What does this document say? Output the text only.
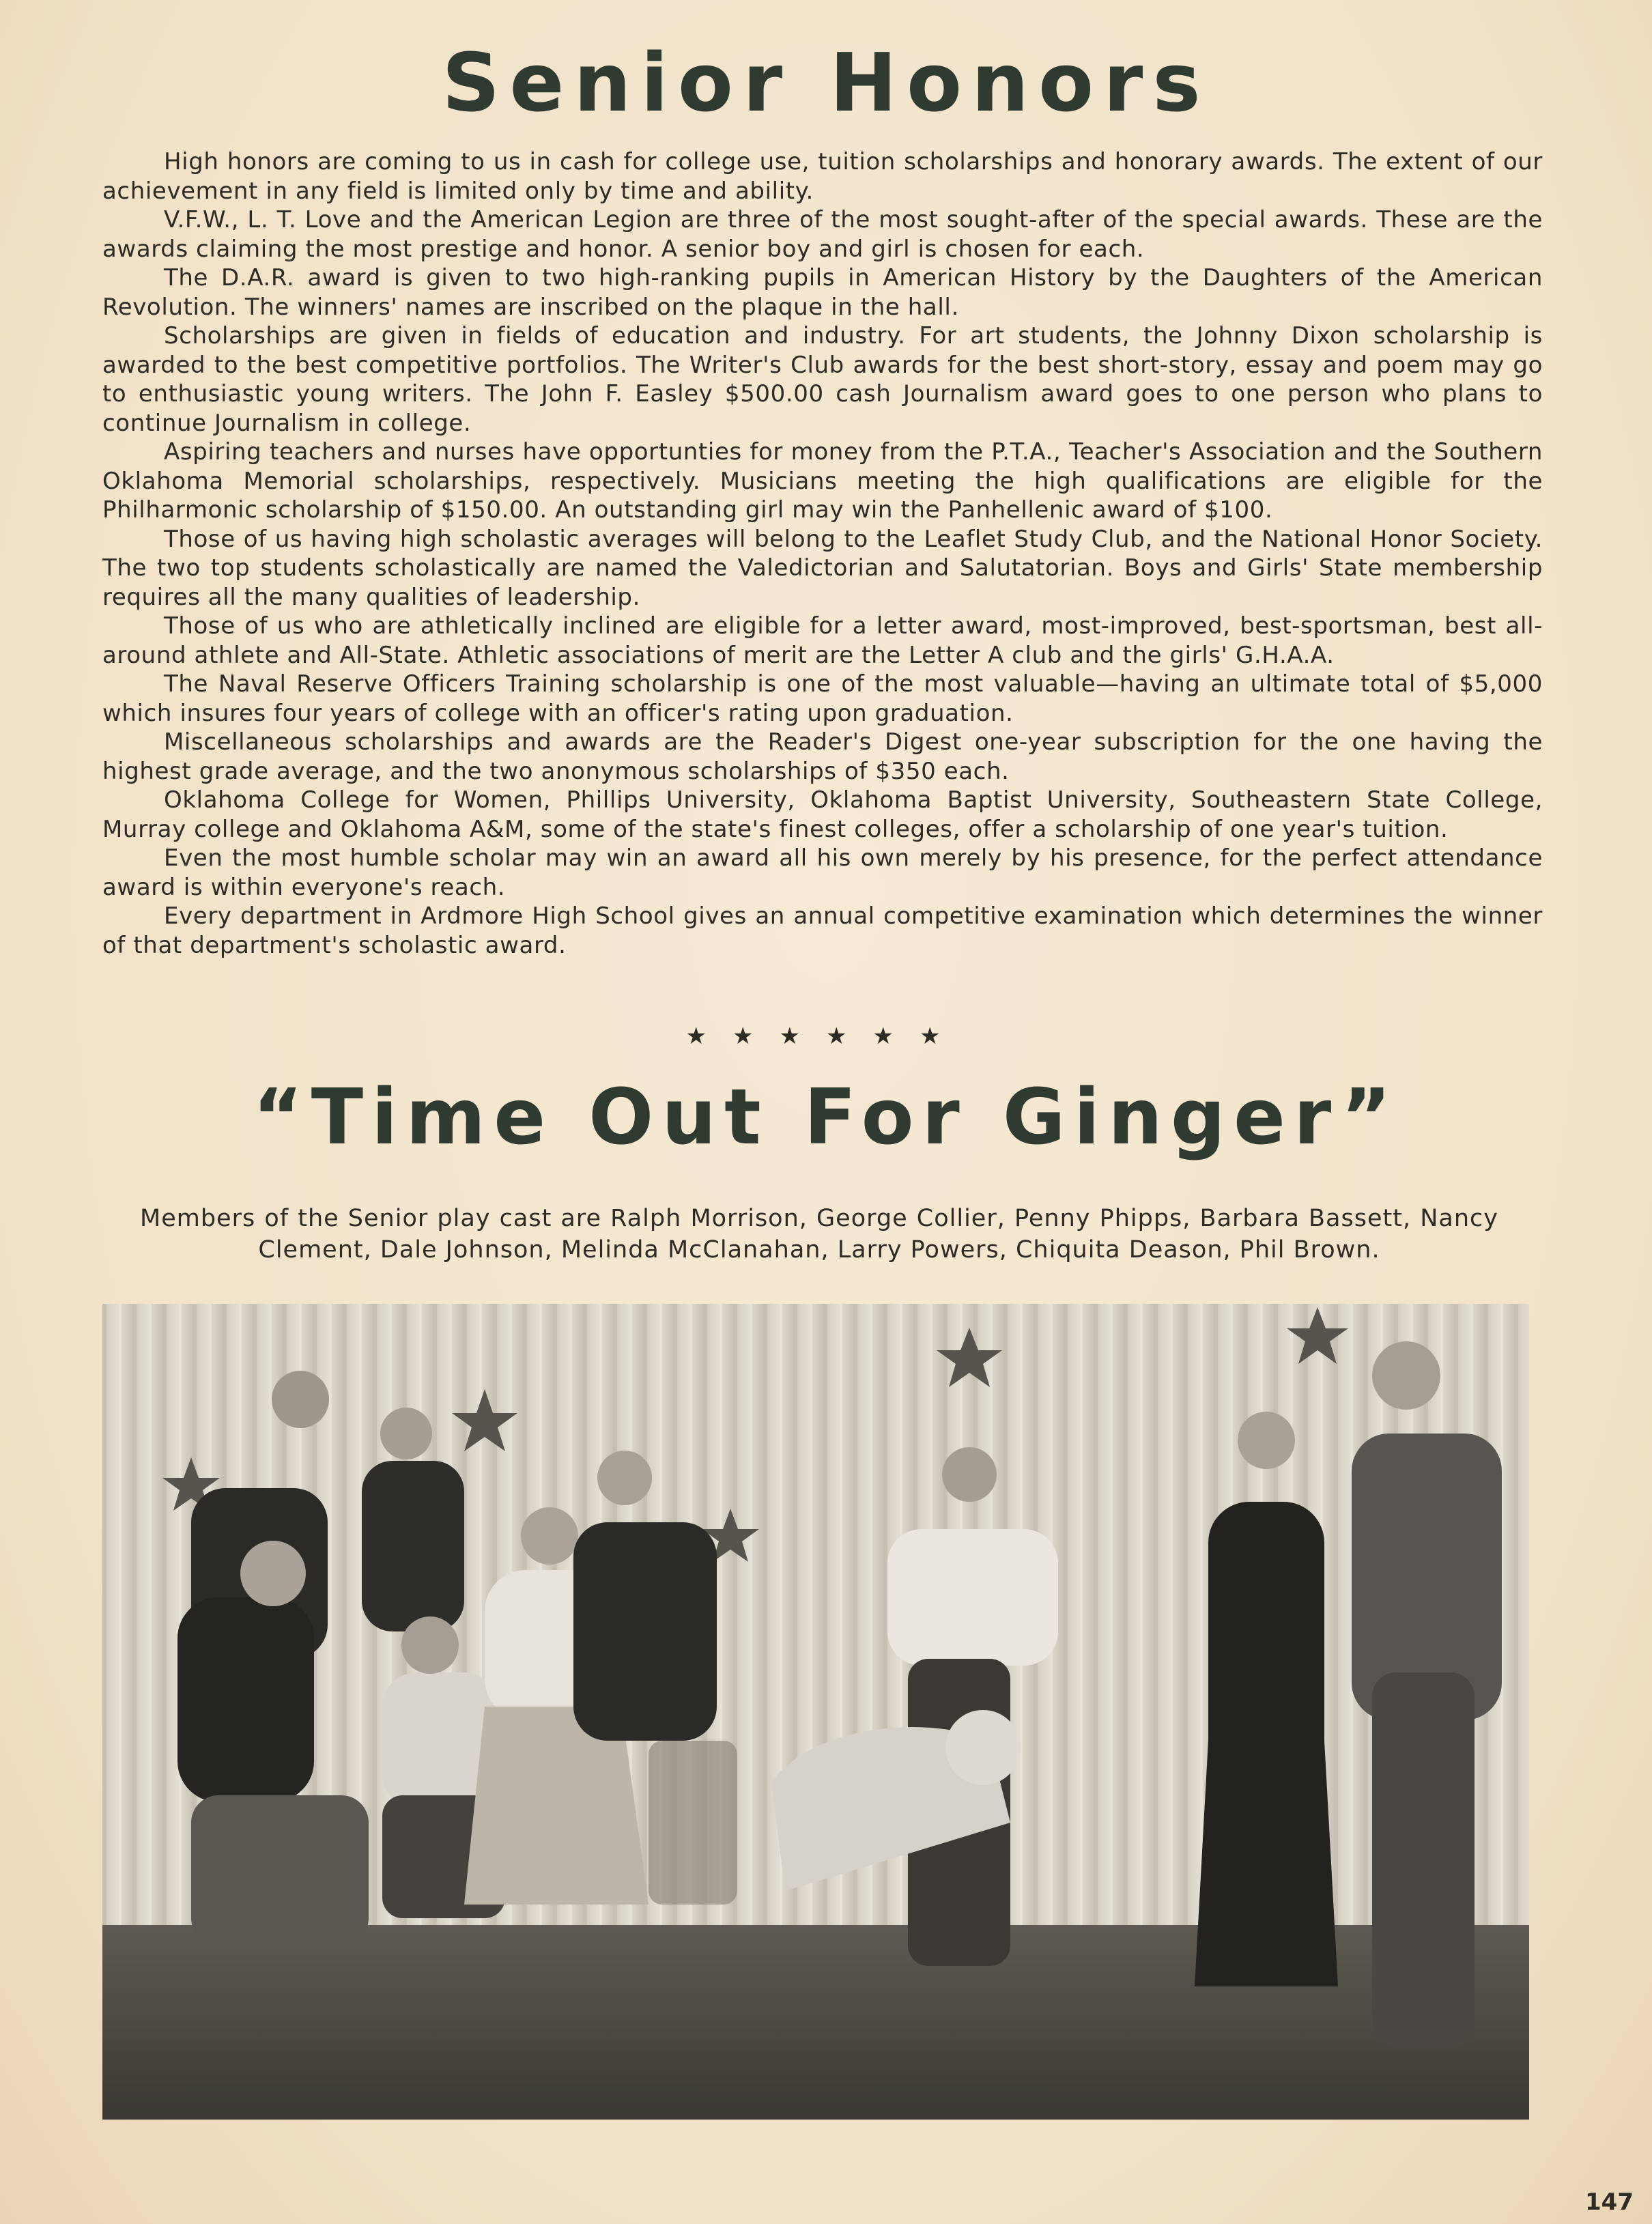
Senior Honors

High honors are coming to us in cash for college use, tuition scholarships and honorary awards. The extent of our achievement in any field is limited only by time and ability.

V.F.W., L. T. Love and the American Legion are three of the most sought-after of the special awards. These are the awards claiming the most prestige and honor. A senior boy and girl is chosen for each.

The D.A.R. award is given to two high-ranking pupils in American History by the Daughters of the American Revolution. The winners' names are inscribed on the plaque in the hall.

Scholarships are given in fields of education and industry. For art students, the Johnny Dixon scholarship is awarded to the best competitive portfolios. The Writer's Club awards for the best short-story, essay and poem may go to enthusiastic young writers. The John F. Easley $500.00 cash Journalism award goes to one person who plans to continue Journalism in college.

Aspiring teachers and nurses have opportunties for money from the P.T.A., Teacher's Association and the Southern Oklahoma Memorial scholarships, respectively. Musicians meeting the high qualifications are eligible for the Philharmonic scholarship of $150.00. An outstanding girl may win the Panhellenic award of $100.

Those of us having high scholastic averages will belong to the Leaflet Study Club, and the National Honor Society. The two top students scholastically are named the Valedictorian and Salutatorian. Boys and Girls' State membership requires all the many qualities of leadership.

Those of us who are athletically inclined are eligible for a letter award, most-improved, best-sportsman, best all-around athlete and All-State. Athletic associations of merit are the Letter A club and the girls' G.H.A.A.

The Naval Reserve Officers Training scholarship is one of the most valuable—having an ultimate total of $5,000 which insures four years of college with an officer's rating upon graduation.

Miscellaneous scholarships and awards are the Reader's Digest one-year subscription for the one having the highest grade average, and the two anonymous scholarships of $350 each.

Oklahoma College for Women, Phillips University, Oklahoma Baptist University, Southeastern State College, Murray college and Oklahoma A&M, some of the state's finest colleges, offer a scholarship of one year's tuition.

Even the most humble scholar may win an award all his own merely by his presence, for the perfect attendance award is within everyone's reach.

Every department in Ardmore High School gives an annual competitive examination which determines the winner of that department's scholastic award.

★★★★★★
“Time Out For Ginger”
Members of the Senior play cast are Ralph Morrison, George Collier, Penny Phipps, Barbara Bassett, Nancy Clement, Dale Johnson, Melinda McClanahan, Larry Powers, Chiquita Deason, Phil Brown.
147
